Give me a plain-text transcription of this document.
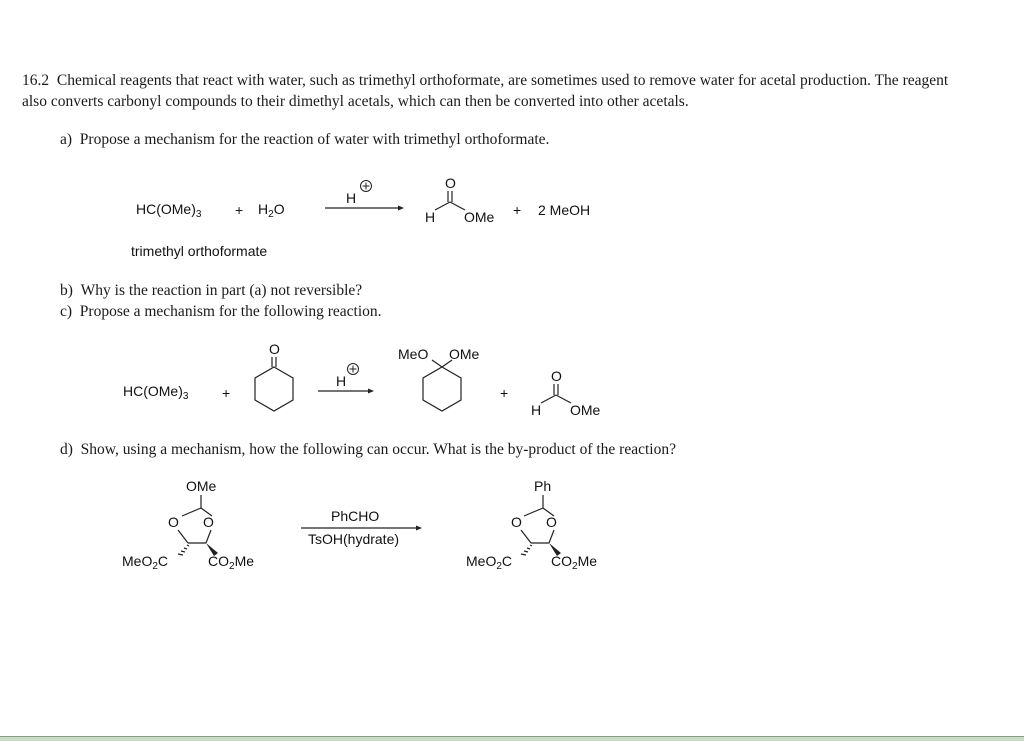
16.2 Chemical reagents that react with water, such as trimethyl orthoformate, are sometimes used to remove water for acetal production. The reagent
also converts carbonyl compounds to their dimethyl acetals, which can then be converted into other acetals.
a) Propose a mechanism for the reaction of water with trimethyl orthoformate.
$HC(OMe)_3 + H_2O$
trimethyl orthoformate
H
O
H OMe + 2 MeOH
b) Why is the reaction in part (a) not reversible?
c) Propose a mechanism for the following reaction.
$HC(OMe)_3$ +
O
H
MeO OMe
+
O
H OMe
d) Show, using a mechanism, how the following can occur. What is the by-product of the reaction?
OMe
O O
MeO$_2$C	$CO_2Me$
PhCHO
TsOH(hydrate)
Ph
O O
MeO$_2$C	$CO_2Me$
